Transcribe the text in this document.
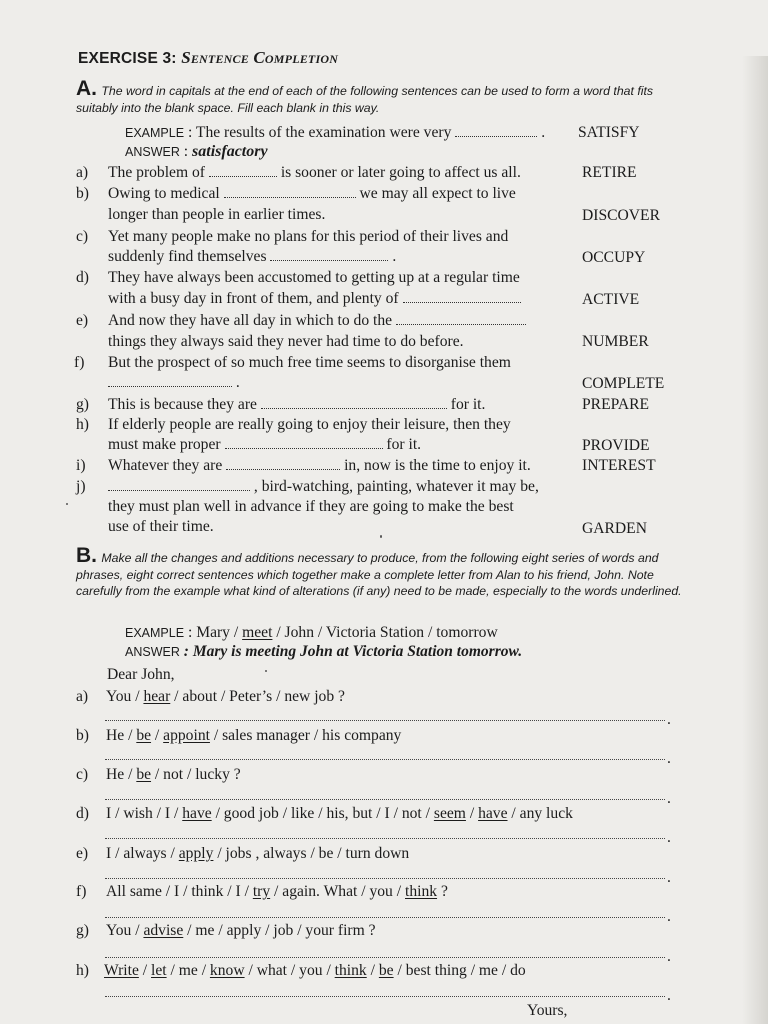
EXERCISE 3: Sentence Completion
A. The word in capitals at the end of each of the following sentences can be used to form a word that fits suitably into the blank space. Fill each blank in this way.
EXAMPLE : The results of the examination were very	. SATISFY
ANSWER : satisfactory
a) The problem of	is sooner or later going to affect us all.	RETIRE
b) Owing to medical	we may all expect to live
longer than people in earlier times.	DISCOVER
c) Yet many people make no plans for this period of their lives and
suddenly find themselves	.	OCCUPY
d) They have always been accustomed to getting up at a regular time
with a busy day in front of them, and plenty of	ACTIVE
e) And now they have all day in which to do the
things they always said they never had time to do before.	NUMBER
f) But the prospect of so much free time seems to disorganise them
.	COMPLETE
g) This is because they are	for it.	PREPARE
h) If elderly people are really going to enjoy their leisure, then they
must make proper	for it.	PROVIDE
i) Whatever they are	in, now is the time to enjoy it.	INTEREST
j)	, bird-watching, painting, whatever it may be,
they must plan well in advance if they are going to make the best
use of their time.	GARDEN
B. Make all the changes and additions necessary to produce, from the following eight series of words and phrases, eight correct sentences which together make a complete letter from Alan to his friend, John. Note carefully from the example what kind of alterations (if any) need to be made, especially to the words underlined.
EXAMPLE : Mary / meet / John / Victoria Station / tomorrow
ANSWER : Mary is meeting John at Victoria Station tomorrow.
Dear John,
a) You / hear / about / Peter’s / new job ?
.
b) He / be / appoint / sales manager / his company
.
c) He / be / not / lucky ?
.
d) I / wish / I / have / good job / like / his, but / I / not / seem / have / any luck
.
e) I / always / apply / jobs , always / be / turn down
.
f) All same / I / think / I / try / again. What / you / think ?
.
g) You / advise / me / apply / job / your firm ?
.
h) Write / let / me / know / what / you / think / be / best thing / me / do
.
Yours,
